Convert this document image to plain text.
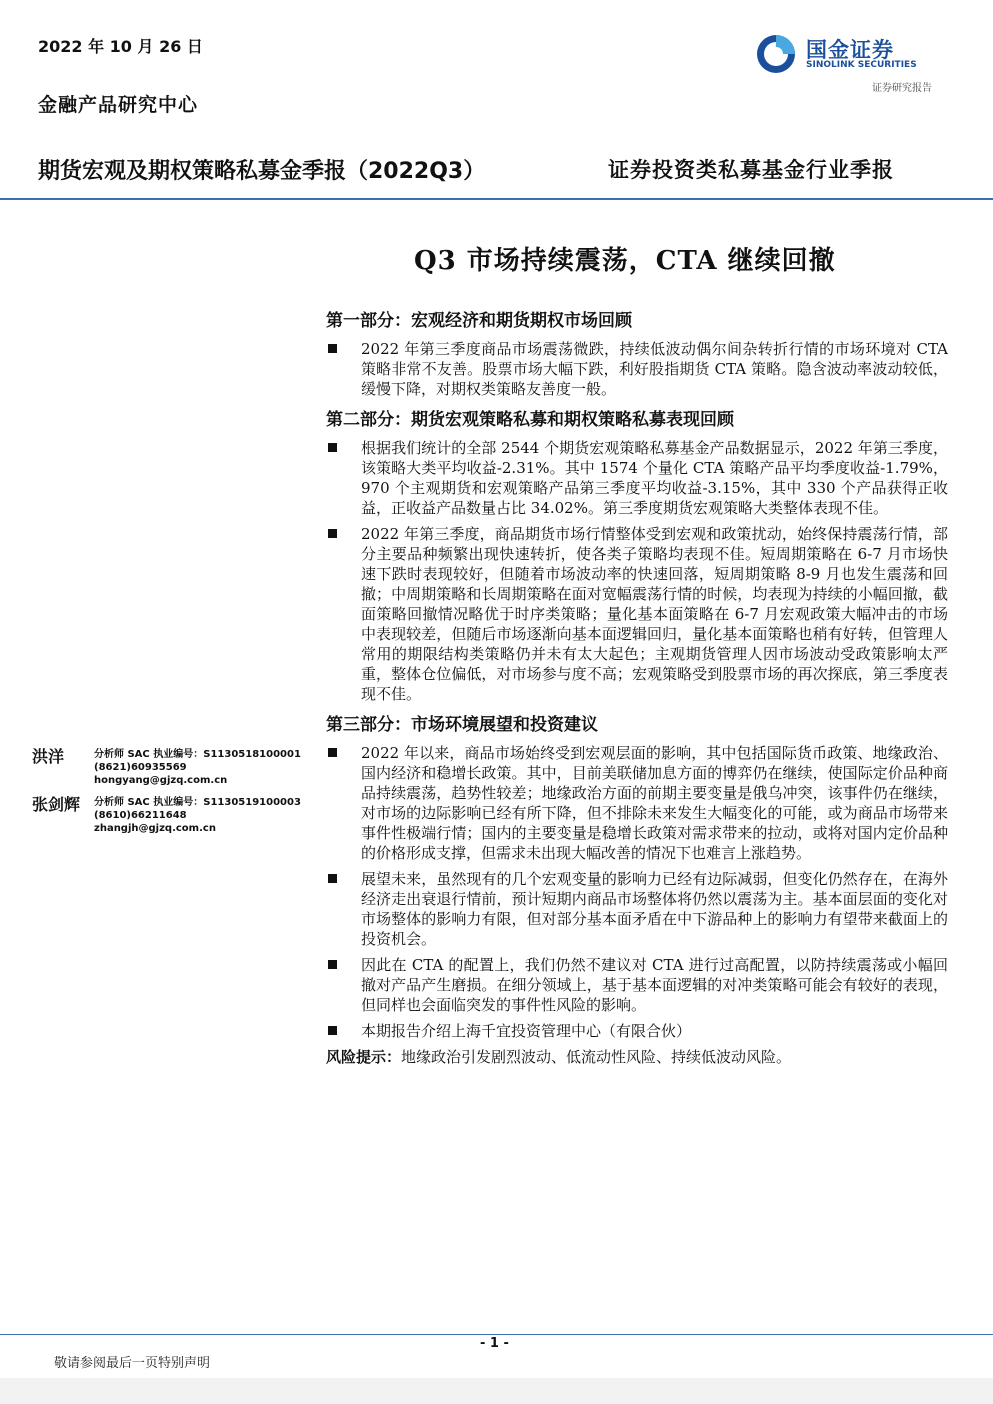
2022 年 10 月 26 日
金融产品研究中心
国金证券
SINOLINK SECURITIES
证券研究报告
期货宏观及期权策略私募金季报（2022Q3）	证券投资类私募基金行业季报
Q3 市场持续震荡，CTA 继续回撤
洪洋	分析师 SAC 执业编号：S1130518100001
(8621)60935569
hongyang@gjzq.com.cn
张剑辉 分析师 SAC 执业编号：S1130519100003
(8610)66211648
zhangjh@gjzq.com.cn
第一部分：宏观经济和期货期权市场回顾
2022 年第三季度商品市场震荡微跌，持续低波动偶尔间杂转折行情的市场环境对 CTA 策略非常不友善。股票市场大幅下跌，利好股指期货 CTA 策略。隐含波动率波动较低，缓慢下降，对期权类策略友善度一般。
第二部分：期货宏观策略私募和期权策略私募表现回顾
根据我们统计的全部 2544 个期货宏观策略私募基金产品数据显示，2022 年第三季度，该策略大类平均收益-2.31%。其中 1574 个量化 CTA 策略产品平均季度收益-1.79%，970 个主观期货和宏观策略产品第三季度平均收益-3.15%，其中 330 个产品获得正收益，正收益产品数量占比 34.02%。第三季度期货宏观策略大类整体表现不佳。
2022 年第三季度，商品期货市场行情整体受到宏观和政策扰动，始终保持震荡行情，部分主要品种频繁出现快速转折，使各类子策略均表现不佳。短周期策略在 6-7 月市场快速下跌时表现较好，但随着市场波动率的快速回落，短周期策略 8-9 月也发生震荡和回撤；中周期策略和长周期策略在面对宽幅震荡行情的时候，均表现为持续的小幅回撤，截面策略回撤情况略优于时序类策略；量化基本面策略在 6-7 月宏观政策大幅冲击的市场中表现较差，但随后市场逐渐向基本面逻辑回归，量化基本面策略也稍有好转，但管理人常用的期限结构类策略仍并未有太大起色；主观期货管理人因市场波动受政策影响太严重，整体仓位偏低，对市场参与度不高；宏观策略受到股票市场的再次探底，第三季度表现不佳。
第三部分：市场环境展望和投资建议
2022 年以来，商品市场始终受到宏观层面的影响，其中包括国际货币政策、地缘政治、国内经济和稳增长政策。其中，目前美联储加息方面的博弈仍在继续，使国际定价品种商品持续震荡，趋势性较差；地缘政治方面的前期主要变量是俄乌冲突，该事件仍在继续，对市场的边际影响已经有所下降，但不排除未来发生大幅变化的可能，或为商品市场带来事件性极端行情；国内的主要变量是稳增长政策对需求带来的拉动，或将对国内定价品种的价格形成支撑，但需求未出现大幅改善的情况下也难言上涨趋势。
展望未来，虽然现有的几个宏观变量的影响力已经有边际减弱，但变化仍然存在，在海外经济走出衰退行情前，预计短期内商品市场整体将仍然以震荡为主。基本面层面的变化对市场整体的影响力有限，但对部分基本面矛盾在中下游品种上的影响力有望带来截面上的投资机会。
因此在 CTA 的配置上，我们仍然不建议对 CTA 进行过高配置，以防持续震荡或小幅回撤对产品产生磨损。在细分领域上，基于基本面逻辑的对冲类策略可能会有较好的表现，但同样也会面临突发的事件性风险的影响。
本期报告介绍上海千宜投资管理中心（有限合伙）
风险提示：地缘政治引发剧烈波动、低流动性风险、持续低波动风险。
- 1 -
敬请参阅最后一页特别声明
